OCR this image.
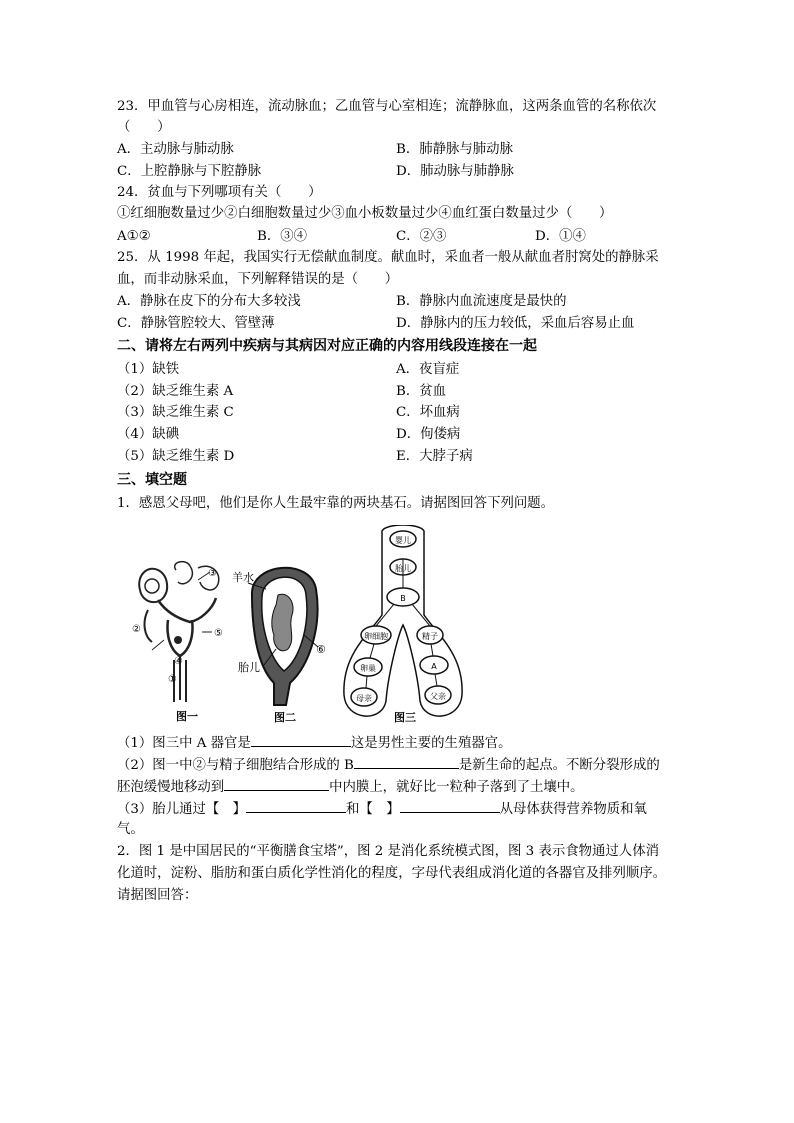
23．甲血管与心房相连，流动脉血；乙血管与心室相连；流静脉血，这两条血管的名称依次
（　　）
A．主动脉与肺动脉	B．肺静脉与肺动脉
C．上腔静脉与下腔静脉	D．肺动脉与肺静脉
24．贫血与下列哪项有关（　　）
①红细胞数量过少②白细胞数量过少③血小板数量过少④血红蛋白数量过少（　　）
A①②	B．③④	C．②③	D．①④
25．从 1998 年起，我国实行无偿献血制度。献血时，采血者一般从献血者肘窝处的静脉采
血，而非动脉采血，下列解释错误的是（　　）
A．静脉在皮下的分布大多较浅	B．静脉内血流速度是最快的
C．静脉管腔较大、管壁薄	D．静脉内的压力较低，采血后容易止血
二、请将左右两列中疾病与其病因对应正确的内容用线段连接在一起
（1）缺铁	A．夜盲症
（2）缺乏维生素 A	B．贫血
（3）缺乏维生素 C	C．坏血病
（4）缺碘	D．佝偻病
（5）缺乏维生素 D	E．大脖子病
三、填空题
1．感恩父母吧，他们是你人生最牢靠的两块基石。请据图回答下列问题。
②
③
⑤
④
①
图一
羊水
⑥
胎儿
图二
婴儿
胎儿
B
卵细胞	精子
卵巢	A
母亲	父亲
图三
（1）图三中 A 器官是	这是男性主要的生殖器官。
（2）图一中②与精子细胞结合形成的 B	是新生命的起点。不断分裂形成的
胚泡缓慢地移动到	中内膜上，就好比一粒种子落到了土壤中。
（3）胎儿通过【　】	和【　】	从母体获得营养物质和氧
气。
2．图 1 是中国居民的“平衡膳食宝塔”，图 2 是消化系统模式图，图 3 表示食物通过人体消
化道时，淀粉、脂肪和蛋白质化学性消化的程度，字母代表组成消化道的各器官及排列顺序。
请据图回答：
